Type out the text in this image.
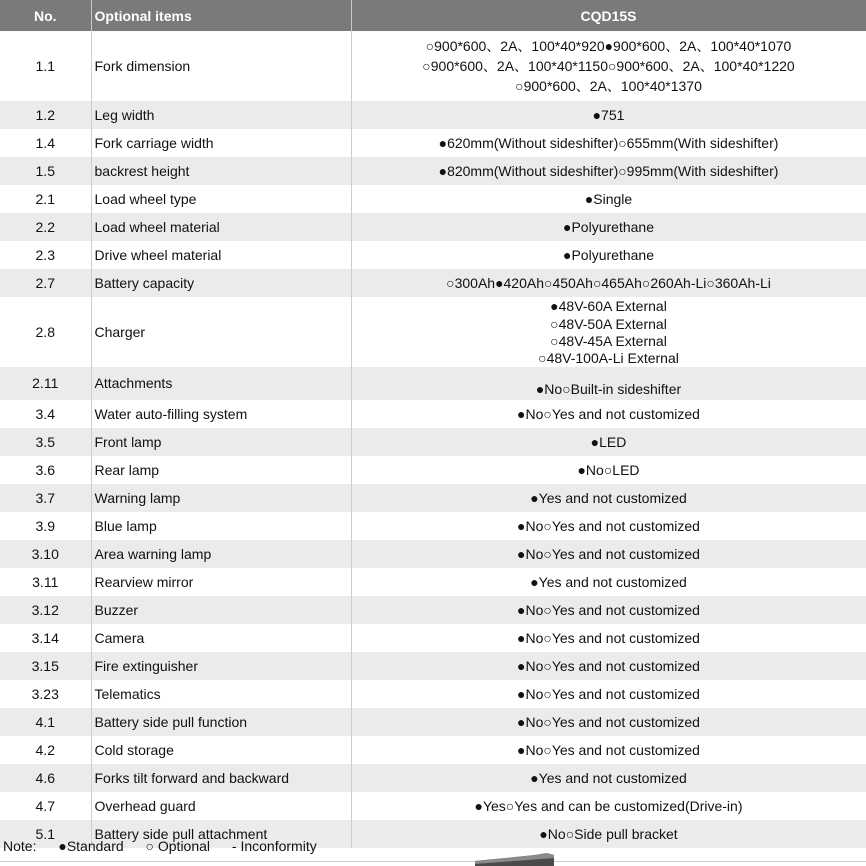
No.	Optional items	CQD15S
1.1	Fork dimension	○900*600、2A、100*40*920●900*600、2A、100*40*1070
○900*600、2A、100*40*1150○900*600、2A、100*40*1220
○900*600、2A、100*40*1370

1.2	Leg width	●751

1.4	Fork carriage width	●620mm(Without sideshifter)○655mm(With sideshifter)

1.5	backrest height	●820mm(Without sideshifter)○995mm(With sideshifter)

2.1	Load wheel type	●Single

2.2	Load wheel material	●Polyurethane

2.3	Drive wheel material	●Polyurethane

2.7	Battery capacity	○300Ah●420Ah○450Ah○465Ah○260Ah-Li○360Ah-Li

2.8	Charger	●48V-60A External
○48V-50A External
○48V-45A External
○48V-100A-Li External

2.11	Attachments	●No○Built-in sideshifter

3.4	Water auto-filling system	●No○Yes and not customized

3.5	Front lamp	●LED

3.6	Rear lamp	●No○LED

3.7	Warning lamp	●Yes and not customized

3.9	Blue lamp	●No○Yes and not customized

3.10	Area warning lamp	●No○Yes and not customized

3.11	Rearview mirror	●Yes and not customized

3.12	Buzzer	●No○Yes and not customized

3.14	Camera	●No○Yes and not customized

3.15	Fire extinguisher	●No○Yes and not customized

3.23	Telematics	●No○Yes and not customized

4.1	Battery side pull function	●No○Yes and not customized

4.2	Cold storage	●No○Yes and not customized

4.6	Forks tilt forward and backward	●Yes and not customized

4.7	Overhead guard	●Yes○Yes and can be customized(Drive-in)

5.1	Battery side pull attachment	●No○Side pull bracket
Note: ●Standard ○ Optional - Inconformity
